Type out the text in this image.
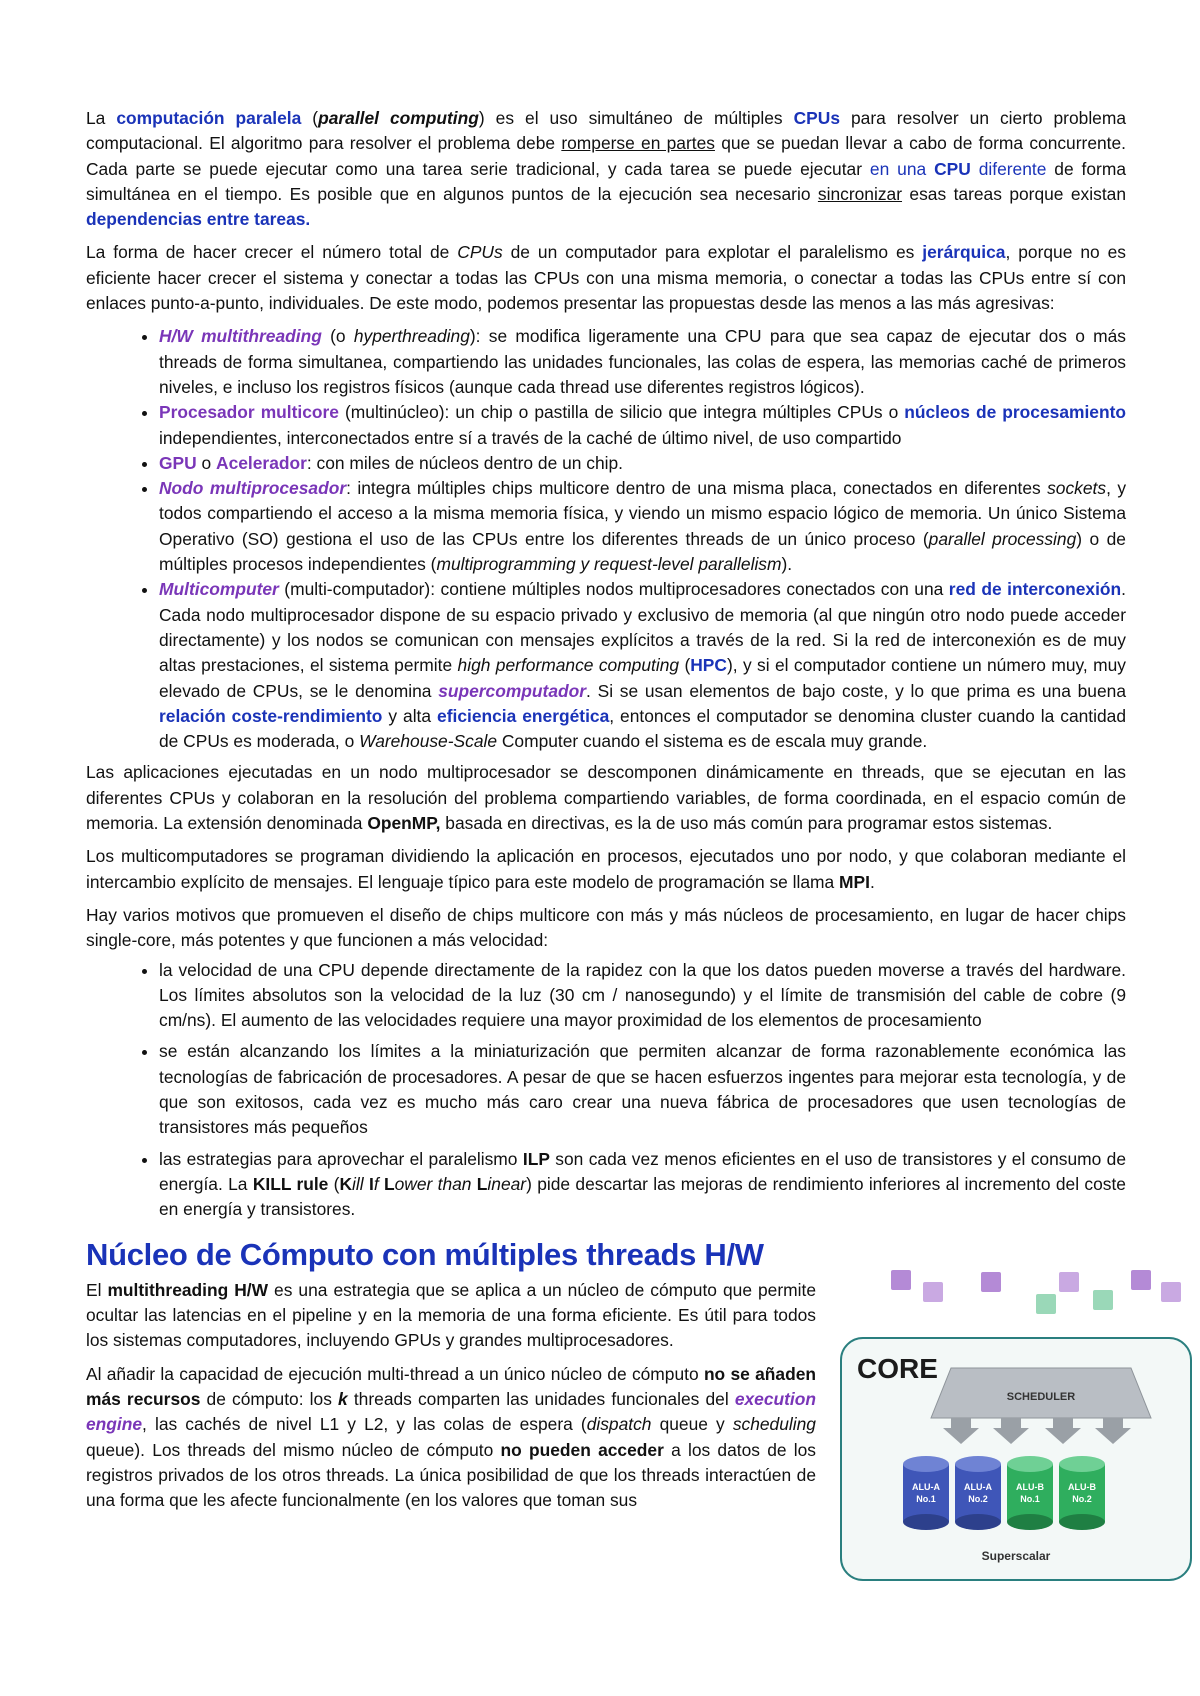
La computación paralela (parallel computing) es el uso simultáneo de múltiples CPUs para resolver un cierto problema computacional. El algoritmo para resolver el problema debe romperse en partes que se puedan llevar a cabo de forma concurrente. Cada parte se puede ejecutar como una tarea serie tradicional, y cada tarea se puede ejecutar en una CPU diferente de forma simultánea en el tiempo. Es posible que en algunos puntos de la ejecución sea necesario sincronizar esas tareas porque existan dependencias entre tareas.

La forma de hacer crecer el número total de CPUs de un computador para explotar el paralelismo es jerárquica, porque no es eficiente hacer crecer el sistema y conectar a todas las CPUs con una misma memoria, o conectar a todas las CPUs entre sí con enlaces punto-a-punto, individuales. De este modo, podemos presentar las propuestas desde las menos a las más agresivas:

• H/W multithreading (o hyperthreading): se modifica ligeramente una CPU para que sea capaz de ejecutar dos o más threads de forma simultanea, compartiendo las unidades funcionales, las colas de espera, las memorias caché de primeros niveles, e incluso los registros físicos (aunque cada thread use diferentes registros lógicos).
• Procesador multicore (multinúcleo): un chip o pastilla de silicio que integra múltiples CPUs o núcleos de procesamiento independientes, interconectados entre sí a través de la caché de último nivel, de uso compartido
• GPU o Acelerador: con miles de núcleos dentro de un chip.
• Nodo multiprocesador: integra múltiples chips multicore dentro de una misma placa, conectados en diferentes sockets, y todos compartiendo el acceso a la misma memoria física, y viendo un mismo espacio lógico de memoria. Un único Sistema Operativo (SO) gestiona el uso de las CPUs entre los diferentes threads de un único proceso (parallel processing) o de múltiples procesos independientes (multiprogramming y request-level parallelism).
• Multicomputer (multi-computador): contiene múltiples nodos multiprocesadores conectados con una red de interconexión. Cada nodo multiprocesador dispone de su espacio privado y exclusivo de memoria (al que ningún otro nodo puede acceder directamente) y los nodos se comunican con mensajes explícitos a través de la red. Si la red de interconexión es de muy altas prestaciones, el sistema permite high performance computing (HPC), y si el computador contiene un número muy, muy elevado de CPUs, se le denomina supercomputador. Si se usan elementos de bajo coste, y lo que prima es una buena relación coste-rendimiento y alta eficiencia energética, entonces el computador se denomina cluster cuando la cantidad de CPUs es moderada, o Warehouse-Scale Computer cuando el sistema es de escala muy grande.

Las aplicaciones ejecutadas en un nodo multiprocesador se descomponen dinámicamente en threads, que se ejecutan en las diferentes CPUs y colaboran en la resolución del problema compartiendo variables, de forma coordinada, en el espacio común de memoria. La extensión denominada OpenMP, basada en directivas, es la de uso más común para programar estos sistemas.

Los multicomputadores se programan dividiendo la aplicación en procesos, ejecutados uno por nodo, y que colaboran mediante el intercambio explícito de mensajes. El lenguaje típico para este modelo de programación se llama MPI.

Hay varios motivos que promueven el diseño de chips multicore con más y más núcleos de procesamiento, en lugar de hacer chips single-core, más potentes y que funcionen a más velocidad:

• la velocidad de una CPU depende directamente de la rapidez con la que los datos pueden moverse a través del hardware. Los límites absolutos son la velocidad de la luz (30 cm / nanosegundo) y el límite de transmisión del cable de cobre (9 cm/ns). El aumento de las velocidades requiere una mayor proximidad de los elementos de procesamiento
• se están alcanzando los límites a la miniaturización que permiten alcanzar de forma razonablemente económica las tecnologías de fabricación de procesadores. A pesar de que se hacen esfuerzos ingentes para mejorar esta tecnología, y de que son exitosos, cada vez es mucho más caro crear una nueva fábrica de procesadores que usen tecnologías de transistores más pequeños
• las estrategias para aprovechar el paralelismo ILP son cada vez menos eficientes en el uso de transistores y el consumo de energía. La KILL rule (Kill If Lower than Linear) pide descartar las mejoras de rendimiento inferiores al incremento del coste en energía y transistores.
Núcleo de Cómputo con múltiples threads H/W

El multithreading H/W es una estrategia que se aplica a un núcleo de cómputo que permite ocultar las latencias en el pipeline y en la memoria de una forma eficiente. Es útil para todos los sistemas computadores, incluyendo GPUs y grandes multiprocesadores.

Al añadir la capacidad de ejecución multi-thread a un único núcleo de cómputo no se añaden más recursos de cómputo: los k threads comparten las unidades funcionales del execution engine, las cachés de nivel L1 y L2, y las colas de espera (dispatch queue y scheduling queue). Los threads del mismo núcleo de cómputo no pueden acceder a los datos de los registros privados de los otros threads. La única posibilidad de que los threads interactúen de una forma que les afecte funcionalmente (en los valores que toman sus

CORE
SCHEDULER
ALU-A
No.1
ALU-A
No.2
ALU-B
No.1
ALU-B
No.2
Superscalar
